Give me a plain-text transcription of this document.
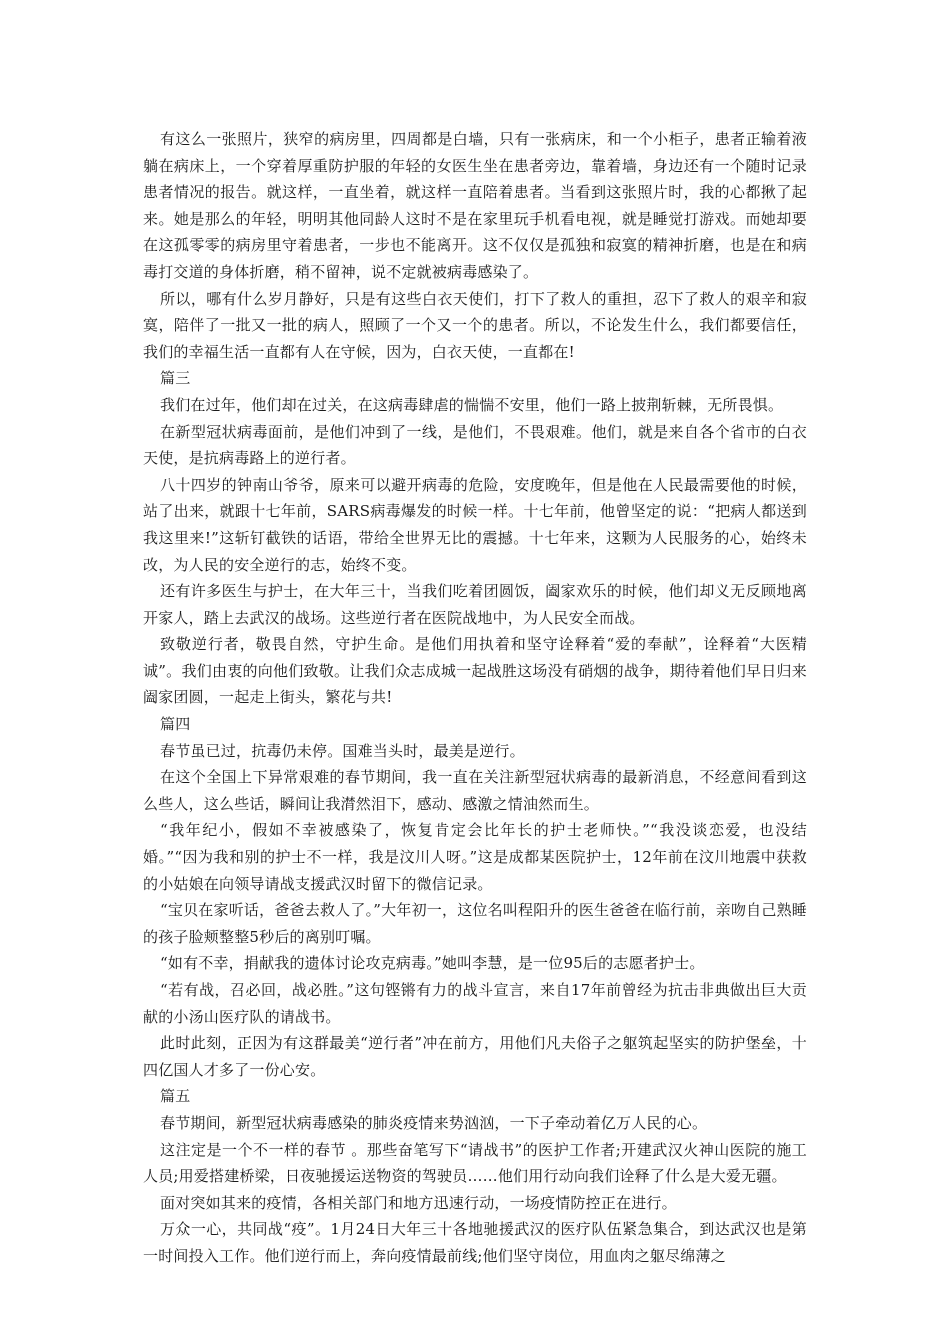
有这么一张照片，狭窄的病房里，四周都是白墙，只有一张病床，和一个小柜子，患者正输着液躺在病床上，一个穿着厚重防护服的年轻的女医生坐在患者旁边，靠着墙，身边还有一个随时记录患者情况的报告。就这样，一直坐着，就这样一直陪着患者。当看到这张照片时，我的心都揪了起来。她是那么的年轻，明明其他同龄人这时不是在家里玩手机看电视，就是睡觉打游戏。而她却要在这孤零零的病房里守着患者，一步也不能离开。这不仅仅是孤独和寂寞的精神折磨，也是在和病毒打交道的身体折磨，稍不留神，说不定就被病毒感染了。

所以，哪有什么岁月静好，只是有这些白衣天使们，打下了救人的重担，忍下了救人的艰辛和寂寞，陪伴了一批又一批的病人，照顾了一个又一个的患者。所以，不论发生什么，我们都要信任，我们的幸福生活一直都有人在守候，因为，白衣天使，一直都在!

篇三

我们在过年，他们却在过关，在这病毒肆虐的惴惴不安里，他们一路上披荆斩棘，无所畏惧。

在新型冠状病毒面前，是他们冲到了一线，是他们，不畏艰难。他们，就是来自各个省市的白衣天使，是抗病毒路上的逆行者。

八十四岁的钟南山爷爷，原来可以避开病毒的危险，安度晚年，但是他在人民最需要他的时候，站了出来，就跟十七年前，SARS病毒爆发的时候一样。十七年前，他曾坚定的说：“把病人都送到我这里来!”这斩钉截铁的话语，带给全世界无比的震撼。十七年来，这颗为人民服务的心，始终未改，为人民的安全逆行的志，始终不变。

还有许多医生与护士，在大年三十，当我们吃着团圆饭，阖家欢乐的时候，他们却义无反顾地离开家人，踏上去武汉的战场。这些逆行者在医院战地中，为人民安全而战。

致敬逆行者，敬畏自然，守护生命。是他们用执着和坚守诠释着“爱的奉献”，诠释着“大医精诚”。我们由衷的向他们致敬。让我们众志成城一起战胜这场没有硝烟的战争，期待着他们早日归来阖家团圆，一起走上街头，繁花与共!

篇四

春节虽已过，抗毒仍未停。国难当头时，最美是逆行。

在这个全国上下异常艰难的春节期间，我一直在关注新型冠状病毒的最新消息，不经意间看到这么些人，这么些话，瞬间让我潸然泪下，感动、感激之情油然而生。

“我年纪小，假如不幸被感染了，恢复肯定会比年长的护士老师快。”“我没谈恋爱，也没结婚。”“因为我和别的护士不一样，我是汶川人呀。”这是成都某医院护士，12年前在汶川地震中获救的小姑娘在向领导请战支援武汉时留下的微信记录。

“宝贝在家听话，爸爸去救人了。”大年初一，这位名叫程阳升的医生爸爸在临行前，亲吻自己熟睡的孩子脸颊整整5秒后的离别叮嘱。

“如有不幸，捐献我的遗体讨论攻克病毒。”她叫李慧，是一位95后的志愿者护士。

“若有战，召必回，战必胜。”这句铿锵有力的战斗宣言，来自17年前曾经为抗击非典做出巨大贡献的小汤山医疗队的请战书。

此时此刻，正因为有这群最美“逆行者”冲在前方，用他们凡夫俗子之躯筑起坚实的防护堡垒，十四亿国人才多了一份心安。

篇五

春节期间，新型冠状病毒感染的肺炎疫情来势汹汹，一下子牵动着亿万人民的心。

这注定是一个不一样的春节 。那些奋笔写下“请战书”的医护工作者;开建武汉火神山医院的施工人员;用爱搭建桥梁，日夜驰援运送物资的驾驶员……他们用行动向我们诠释了什么是大爱无疆。

面对突如其来的疫情，各相关部门和地方迅速行动，一场疫情防控正在进行。

万众一心，共同战“疫”。1月24日大年三十各地驰援武汉的医疗队伍紧急集合，到达武汉也是第一时间投入工作。他们逆行而上，奔向疫情最前线;他们坚守岗位，用血肉之躯尽绵薄之
